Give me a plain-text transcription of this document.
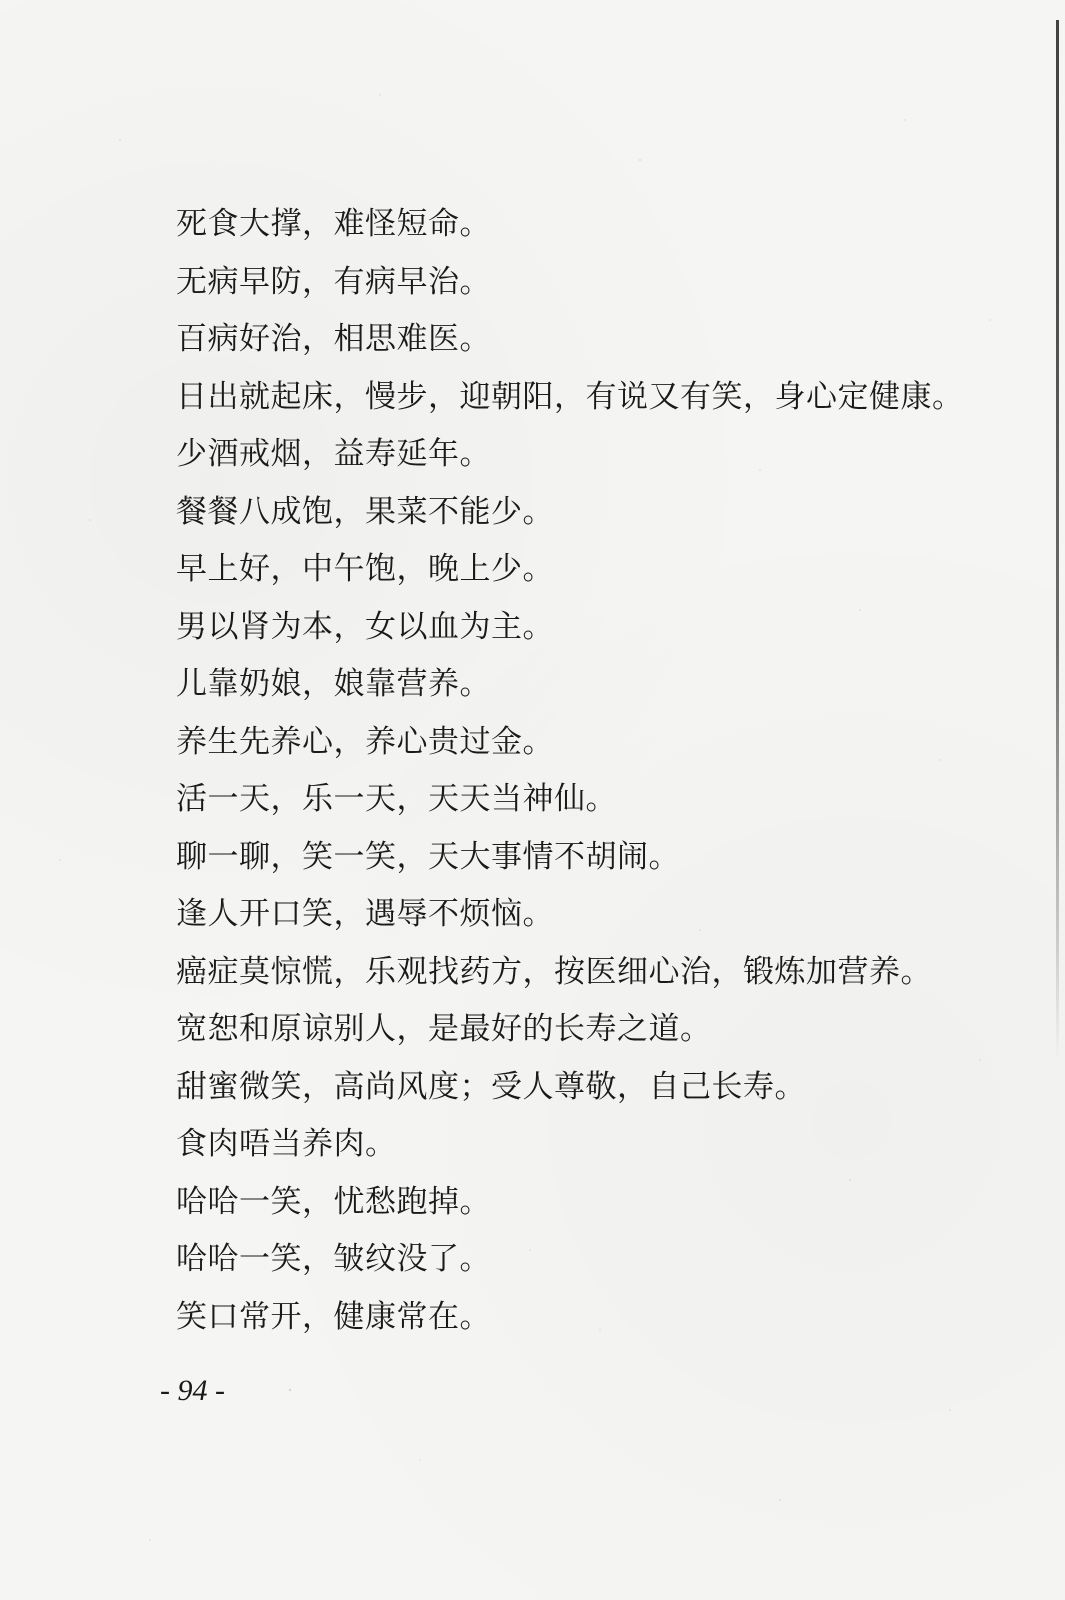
死食大撑，难怪短命。
无病早防，有病早治。
百病好治，相思难医。
日出就起床，慢步，迎朝阳，有说又有笑，身心定健康。
少酒戒烟，益寿延年。
餐餐八成饱，果菜不能少。
早上好，中午饱，晚上少。
男以肾为本，女以血为主。
儿靠奶娘，娘靠营养。
养生先养心，养心贵过金。
活一天，乐一天，天天当神仙。
聊一聊，笑一笑，天大事情不胡闹。
逢人开口笑，遇辱不烦恼。
癌症莫惊慌，乐观找药方，按医细心治，锻炼加营养。
宽恕和原谅别人，是最好的长寿之道。
甜蜜微笑，高尚风度；受人尊敬，自己长寿。
食肉唔当养肉。
哈哈一笑，忧愁跑掉。
哈哈一笑，皱纹没了。
笑口常开，健康常在。
- 94 -
